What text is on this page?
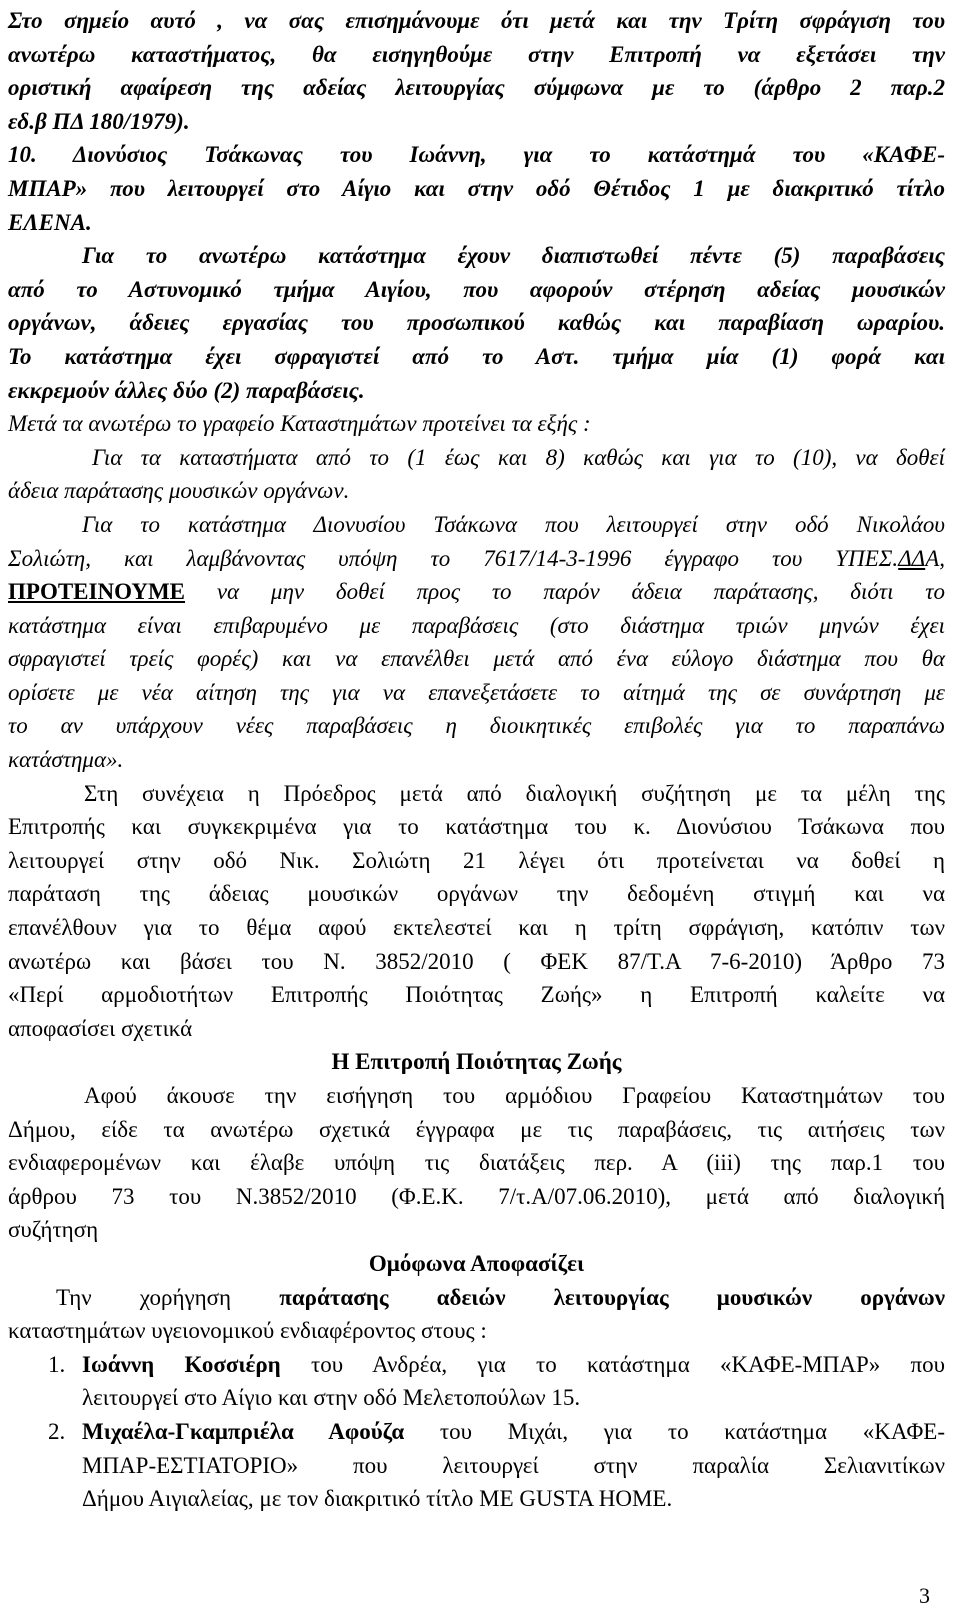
Στο σημείο αυτό , να σας επισημάνουμε ότι μετά και την Τρίτη σφράγιση του
ανωτέρω καταστήματος, θα εισηγηθούμε στην Επιτροπή να εξετάσει την
οριστική αφαίρεση της αδείας λειτουργίας σύμφωνα με το (άρθρο 2 παρ.2
εδ.β ΠΔ 180/1979).
10. Διονύσιος Τσάκωνας του Ιωάννη, για το κατάστημά του «ΚΑΦΕ-
ΜΠΑΡ» που λειτουργεί στο Αίγιο και στην οδό Θέτιδος 1 με διακριτικό τίτλο
ΕΛΕΝΑ.
Για το ανωτέρω κατάστημα έχουν διαπιστωθεί πέντε (5) παραβάσεις
από το Αστυνομικό τμήμα Αιγίου, που αφορούν στέρηση αδείας μουσικών
οργάνων, άδειες εργασίας του προσωπικού καθώς και παραβίαση ωραρίου.
Το κατάστημα έχει σφραγιστεί από το Αστ. τμήμα μία (1) φορά και
εκκρεμούν άλλες δύο (2) παραβάσεις.
Μετά τα ανωτέρω το γραφείο Καταστημάτων προτείνει τα εξής :
Για τα καταστήματα από το (1 έως και 8) καθώς και για το (10), να δοθεί
άδεια παράτασης μουσικών οργάνων.
Για το κατάστημα Διονυσίου Τσάκωνα που λειτουργεί στην οδό Νικολάου
Σολιώτη, και λαμβάνοντας υπόψη το 7617/14-3-1996 έγγραφο του ΥΠΕΣ.ΔΔΑ,
ΠΡΟΤΕΙΝΟΥΜΕ να μην δοθεί προς το παρόν άδεια παράτασης, διότι το
κατάστημα είναι επιβαρυμένο με παραβάσεις (στο διάστημα τριών μηνών έχει
σφραγιστεί τρείς φορές) και να επανέλθει μετά από ένα εύλογο διάστημα που θα
ορίσετε με νέα αίτηση της για να επανεξετάσετε το αίτημά της σε συνάρτηση με
το αν υπάρχουν νέες παραβάσεις η διοικητικές επιβολές για το παραπάνω
κατάστημα».
Στη συνέχεια η Πρόεδρος μετά από διαλογική συζήτηση με τα μέλη της
Επιτροπής και συγκεκριμένα για το κατάστημα του κ. Διονύσιου Τσάκωνα που
λειτουργεί στην οδό Νικ. Σολιώτη 21 λέγει ότι προτείνεται να δοθεί η
παράταση της άδειας μουσικών οργάνων την δεδομένη στιγμή και να
επανέλθουν για το θέμα αφού εκτελεστεί και η τρίτη σφράγιση, κατόπιν των
ανωτέρω και βάσει του Ν. 3852/2010 ( ΦΕΚ 87/Τ.Α 7-6-2010) Άρθρο 73
«Περί αρμοδιοτήτων Επιτροπής Ποιότητας Ζωής» η Επιτροπή καλείτε να
αποφασίσει σχετικά
Η Επιτροπή Ποιότητας Ζωής
Αφού άκουσε την εισήγηση του αρμόδιου Γραφείου Καταστημάτων του
Δήμου, είδε τα ανωτέρω σχετικά έγγραφα με τις παραβάσεις, τις αιτήσεις των
ενδιαφερομένων και έλαβε υπόψη τις διατάξεις περ. Α (iii) της παρ.1 του
άρθρου 73 του Ν.3852/2010 (Φ.Ε.Κ. 7/τ.Α/07.06.2010), μετά από διαλογική
συζήτηση
Ομόφωνα Αποφασίζει
Την χορήγηση παράτασης αδειών λειτουργίας μουσικών οργάνων
καταστημάτων υγειονομικού ενδιαφέροντος στους :
1. Ιωάννη Κοσσιέρη του Ανδρέα, για το κατάστημα «ΚΑΦΕ-ΜΠΑΡ» που
λειτουργεί στο Αίγιο και στην οδό Μελετοπούλων 15.
2. Μιχαέλα-Γκαμπριέλα Αφούζα του Μιχάι, για το κατάστημα «ΚΑΦΕ-
ΜΠΑΡ-ΕΣΤΙΑΤΟΡΙΟ» που λειτουργεί στην παραλία Σελιανιτίκων
Δήμου Αιγιαλείας, με τον διακριτικό τίτλο ΜΕ GUSTA HOME.
3
